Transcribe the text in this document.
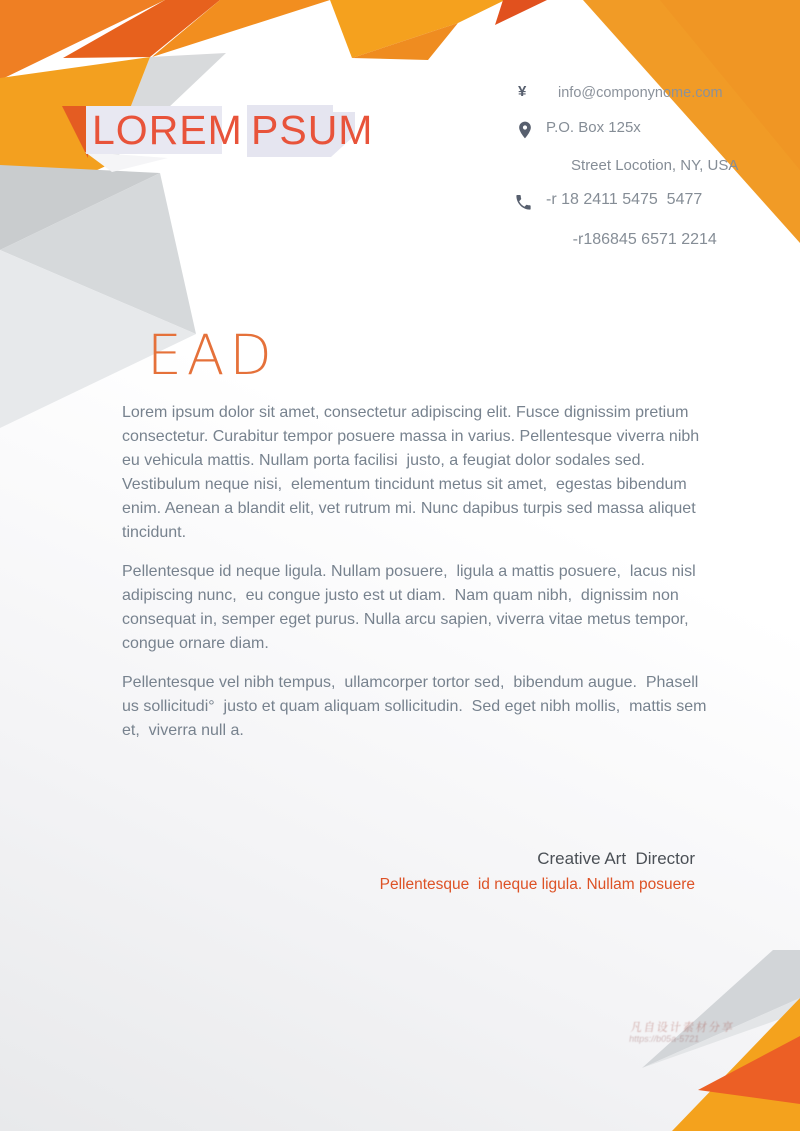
LOREM PSUM
¥	info@componynome.com
P.O. Box 125x

Street Locotion, NY, USA
-r 18 2411 5475  5477

-r186845 6571 2214
EAD

Lorem ipsum dolor sit amet, consectetur adipiscing elit. Fusce dignissim pretium consectetur. Curabitur tempor posuere massa in varius. Pellentesque viverra nibh eu vehicula mattis. Nullam porta facilisi  justo, a feugiat dolor sodales sed. Vestibulum neque nisi,  elementum tincidunt metus sit amet,  egestas bibendum enim. Aenean a blandit elit, vet rutrum mi. Nunc dapibus turpis sed massa aliquet tincidunt.

Pellentesque id neque ligula. Nullam posuere,  ligula a mattis posuere,  lacus nisl adipiscing nunc,  eu congue justo est ut diam.  Nam quam nibh,  dignissim non consequat in, semper eget purus. Nulla arcu sapien, viverra vitae metus tempor, congue ornare diam.

Pellentesque vel nibh tempus,  ullamcorper tortor sed,  bibendum augue.  Phasell us sollicitudi°  justo et quam aliquam sollicitudin.  Sed eget nibh mollis,  mattis sem et,  viverra null a.

Creative Art  Director
Pellentesque  id neque ligula. Nullam posuere
凡自设计素材分享
https://b05a-5721
